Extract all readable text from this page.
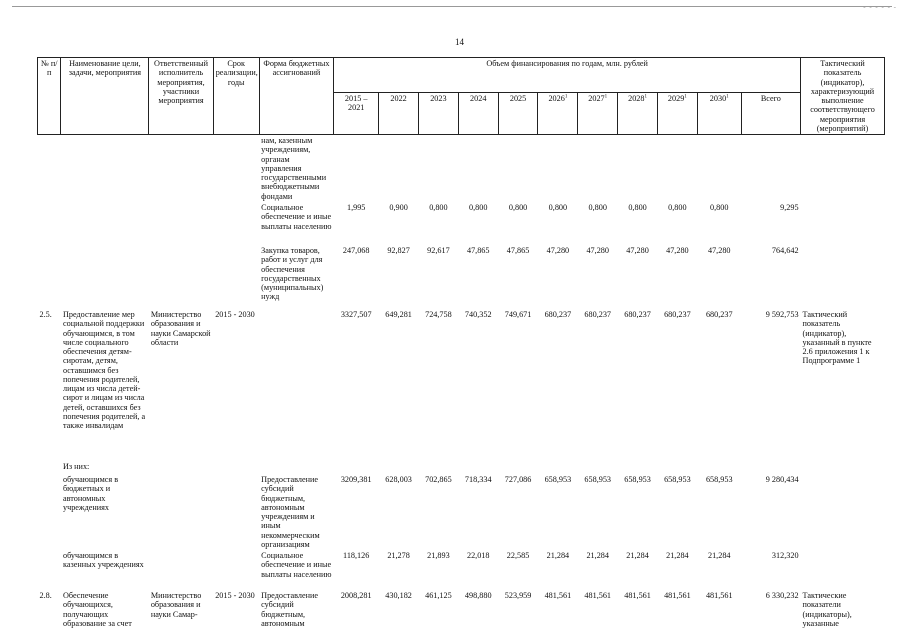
- - - - - -
14
№ п/п	Наименование цели, задачи, мероприятия	Ответственный исполнитель мероприятия, участники мероприятия	Срок реализации, годы	Форма бюджетных ассигнований	Объем финансирования по годам, млн. рублей											Тактический показатель (индикатор), характеризующий выполнение соответствующего мероприятия (мероприятий)
					2015 – 2021	2022	2023	2024	2025	2026$^1$	2027$^1$	2028$^1$	2029$^1$	2030$^1$	Всего	
				нам, казенным учреждениям, органам управления государственными внебюджетными фондами												
				Социальное обеспечение и иные выплаты населению	1,995	0,900	0,800	0,800	0,800	0,800	0,800	0,800	0,800	0,800	9,295	
				Закупка товаров, работ и услуг для обеспечения государственных (муниципальных) нужд	247,068	92,827	92,617	47,865	47,865	47,280	47,280	47,280	47,280	47,280	764,642	
2.5.	Предоставление мер социальной поддержки обучающимся, в том числе социального обеспечения детям-сиротам, детям, оставшимся без попечения родителей, лицам из числа детей-сирот и лицам из числа детей, оставшихся без попечения родителей, а также инвалидам	Министерство образования и науки Самарской области	2015 - 2030		3327,507	649,281	724,758	740,352	749,671	680,237	680,237	680,237	680,237	680,237	9 592,753	Тактический показатель (индикатор), указанный в пункте 2.6 приложения 1 к Подпрограмме 1
	Из них:															
	обучающимся в бюджетных и автономных учреждениях			Предоставление субсидий бюджетным, автономным учреждениям и иным некоммерческим организациям	3209,381	628,003	702,865	718,334	727,086	658,953	658,953	658,953	658,953	658,953	9 280,434	
	обучающимся в казенных учреждениях			Социальное обеспечение и иные выплаты населению	118,126	21,278	21,893	22,018	22,585	21,284	21,284	21,284	21,284	21,284	312,320	
2.8.	Обеспечение обучающихся, получающих образование за счет	Министерство образования и науки Самар-	2015 - 2030	Предоставление субсидий бюджетным, автономным	2008,281	430,182	461,125	498,880	523,959	481,561	481,561	481,561	481,561	481,561	6 330,232	Тактические показатели (индикаторы), указанные
